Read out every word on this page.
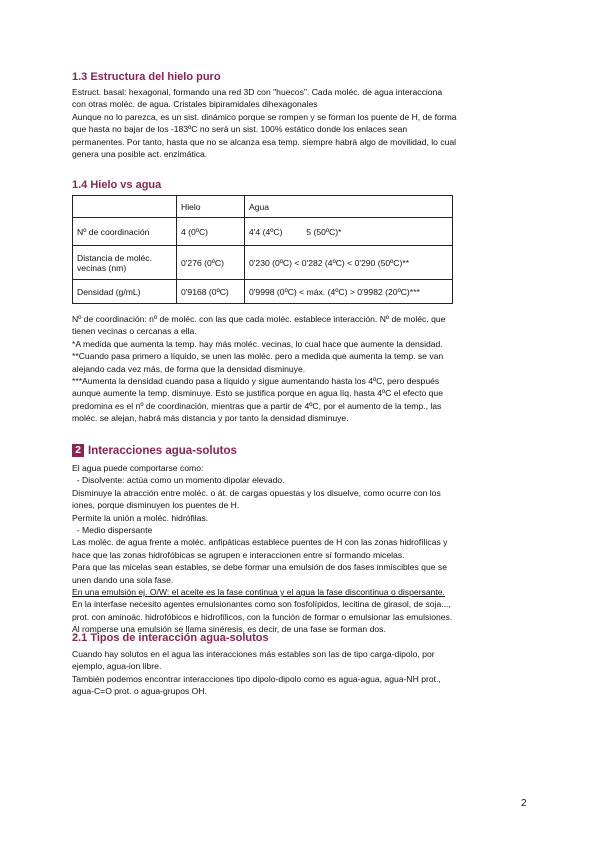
1.3 Estructura del hielo puro
Estruct. basal: hexagonal, formando una red 3D con "huecos". Cada moléc. de agua interacciona
con otras moléc. de agua. Cristales bipiramidales dihexagonales
Aunque no lo parezca, es un sist. dinámico porque se rompen y se forman los puente de H, de forma
que hasta no bajar de los -183ºC no será un sist. 100% estático donde los enlaces sean
permanentes. Por tanto, hasta que no se alcanza esa temp. siempre habrá algo de movilidad, lo cual
genera una posible act. enzimática.
1.4 Hielo vs agua
	Hielo	Agua
Nº de coordinación	4 (0ºC)	4'4 (4ºC)          5 (50ºC)*
Distancia de moléc. vecinas (nm)	0'276 (0ºC)	0'230 (0ºC) < 0'282 (4ºC) < 0'290 (50ºC)**
Densidad (g/mL)	0'9168 (0ºC)	0'9998 (0ºC) < máx. (4ºC) > 0'9982 (20ºC)***
Nº de coordinación: nº de moléc. con las que cada moléc. establece interacción. Nº de moléc. que
tienen vecinas o cercanas a ella.
*A medida que aumenta la temp. hay más moléc. vecinas, lo cual hace que aumente la densidad.
**Cuando pasa primero a líquido, se unen las moléc. pero a medida que aumenta la temp. se van
alejando cada vez más, de forma que la densidad disminuye.
***Aumenta la densidad cuando pasa a líquido y sigue aumentando hasta los 4ºC, pero después
aunque aumente la temp. disminuye. Esto se justifica porque en agua líq. hasta 4ºC el efecto que
predomina es el nº de coordinación, mientras que a partir de 4ºC, por el aumento de la temp., las
moléc. se alejan, habrá más distancia y por tanto la densidad disminuye.
2 Interacciones agua-solutos
El agua puede comportarse como:
- Disolvente: actúa como un momento dipolar elevado.
Disminuye la atracción entre moléc. o át. de cargas opuestas y los disuelve, como ocurre con los
iones, porque disminuyen los puentes de H.
Permite la unión a moléc. hidrófilas.
- Medio dispersante
Las moléc. de agua frente a moléc. anfipáticas establece puentes de H con las zonas hidrofílicas y
hace que las zonas hidrofóbicas se agrupen e interaccionen entre sí formando micelas.
Para que las micelas sean estables, se debe formar una emulsión de dos fases inmiscibles que se
unen dando una sola fase.
En una emulsión ej. O/W: el aceite es la fase continua y el agua la fase discontinua o dispersante.
En la interfase necesito agentes emulsionantes como son fosfolípidos, lecitina de girasol, de soja...,
prot. con aminoác. hidrofóbicos e hidrofílicos, con la función de formar o emulsionar las emulsiones.
Al romperse una emulsión se llama sinéresis, es decir, de una fase se forman dos.
2.1 Tipos de interacción agua-solutos
Cuando hay solutos en el agua las interacciones más estables son las de tipo carga-dipolo, por
ejemplo, agua-ion libre.
También podemos encontrar interacciones tipo dipolo-dipolo como es agua-agua, agua-NH prot.,
agua-C=O prot. o agua-grupos OH.
2
